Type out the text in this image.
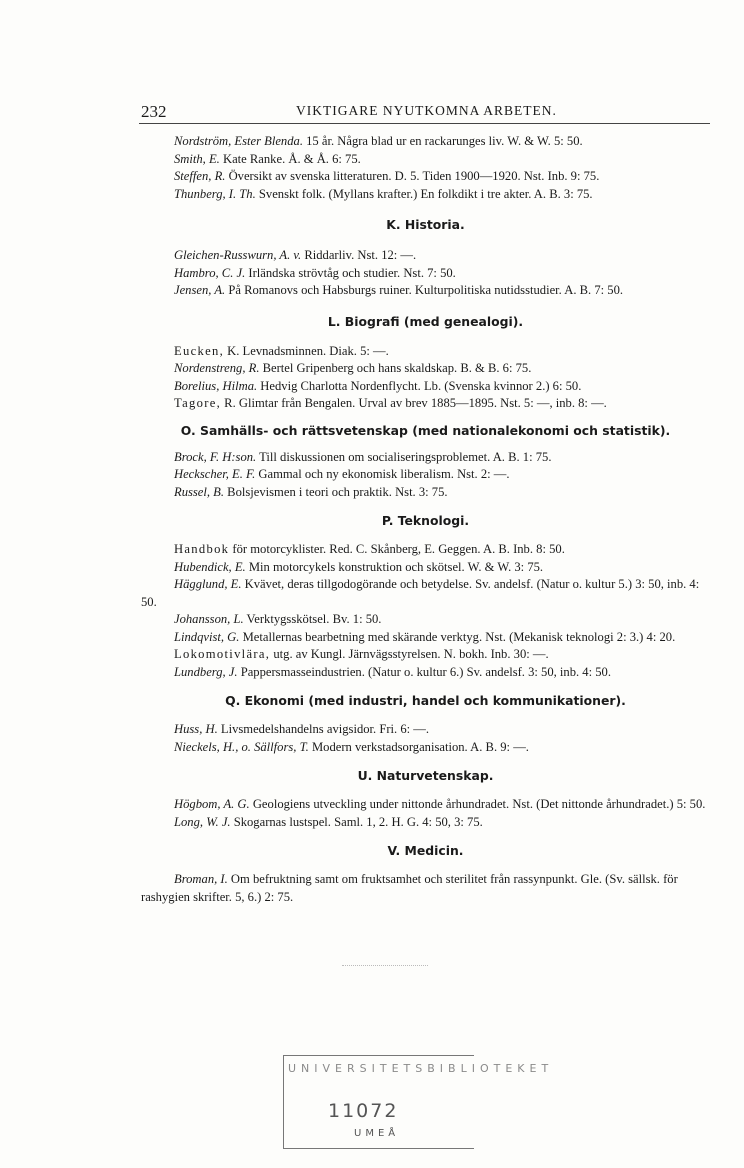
232	VIKTIGARE NYUTKOMNA ARBETEN.

Nordström, Ester Blenda. 15 år. Några blad ur en rackarunges liv. W. & W. 5: 50.

Smith, E. Kate Ranke. Å. & Å. 6: 75.

Steffen, R. Översikt av svenska litteraturen. D. 5. Tiden 1900—1920. Nst. Inb. 9: 75.

Thunberg, I. Th. Svenskt folk. (Myllans krafter.) En folkdikt i tre akter. A. B. 3: 75.

K. Historia.

Gleichen-Russwurn, A. v. Riddarliv. Nst. 12: —.

Hambro, C. J. Irländska strövtåg och studier. Nst. 7: 50.

Jensen, A. På Romanovs och Habsburgs ruiner. Kulturpolitiska nutidsstudier. A. B. 7: 50.

L. Biografi (med genealogi).

Eucken, K. Levnadsminnen. Diak. 5: —.

Nordenstreng, R. Bertel Gripenberg och hans skaldskap. B. & B. 6: 75.

Borelius, Hilma. Hedvig Charlotta Nordenflycht. Lb. (Svenska kvinnor 2.) 6: 50.

Tagore, R. Glimtar från Bengalen. Urval av brev 1885—1895. Nst. 5: —, inb. 8: —.

O. Samhälls- och rättsvetenskap (med nationalekonomi och statistik).

Brock, F. H:son. Till diskussionen om socialiseringsproblemet. A. B. 1: 75.

Heckscher, E. F. Gammal och ny ekonomisk liberalism. Nst. 2: —.

Russel, B. Bolsjevismen i teori och praktik. Nst. 3: 75.

P. Teknologi.

Handbok för motorcyklister. Red. C. Skånberg, E. Geggen. A. B. Inb. 8: 50.

Hubendick, E. Min motorcykels konstruktion och skötsel. W. & W. 3: 75.

Hägglund, E. Kvävet, deras tillgodogörande och betydelse. Sv. andelsf. (Natur o. kultur 5.) 3: 50, inb. 4: 50.

Johansson, L. Verktygsskötsel. Bv. 1: 50.

Lindqvist, G. Metallernas bearbetning med skärande verktyg. Nst. (Mekanisk teknologi 2: 3.) 4: 20.

Lokomotivlära, utg. av Kungl. Järnvägsstyrelsen. N. bokh. Inb. 30: —.

Lundberg, J. Pappersmasseindustrien. (Natur o. kultur 6.) Sv. andelsf. 3: 50, inb. 4: 50.

Q. Ekonomi (med industri, handel och kommunikationer).

Huss, H. Livsmedelshandelns avigsidor. Fri. 6: —.

Nieckels, H., o. Sällfors, T. Modern verkstadsorganisation. A. B. 9: —.

U. Naturvetenskap.

Högbom, A. G. Geologiens utveckling under nittonde århundradet. Nst. (Det nittonde århundradet.) 5: 50.

Long, W. J. Skogarnas lustspel. Saml. 1, 2. H. G. 4: 50, 3: 75.

V. Medicin.

Broman, I. Om befruktning samt om fruktsamhet och sterilitet från rassynpunkt. Gle. (Sv. sällsk. för rashygien skrifter. 5, 6.) 2: 75.

UNIVERSITETSBIBLIOTEKET
11072
UMEÅ
